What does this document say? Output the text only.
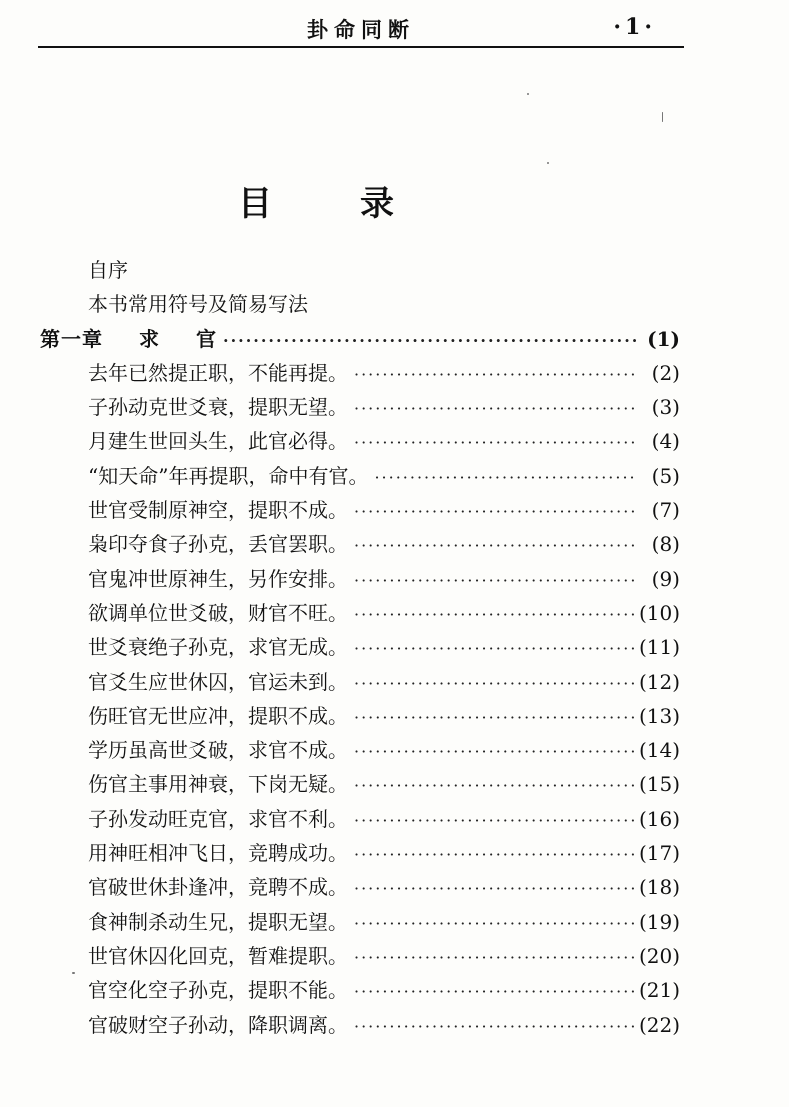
卦命同断	·1·
目录
自序
本书常用符号及简易写法
第一章 求 官 ·····	(1)
去年已然提正职，不能再提。 ·····	(2)
子孙动克世爻衰，提职无望。 ·····	(3)
月建生世回头生，此官必得。 ·····	(4)
“知天命”年再提职，命中有官。 ·····	(5)
世官受制原神空，提职不成。 ·····	(7)
枭印夺食子孙克，丢官罢职。 ·····	(8)
官鬼冲世原神生，另作安排。 ·····	(9)
欲调单位世爻破，财官不旺。 ·····	(10)
世爻衰绝子孙克，求官无成。 ·····	(11)
官爻生应世休囚，官运未到。 ·····	(12)
伤旺官无世应冲，提职不成。 ·····	(13)
学历虽高世爻破，求官不成。 ·····	(14)
伤官主事用神衰，下岗无疑。 ·····	(15)
子孙发动旺克官，求官不利。 ·····	(16)
用神旺相冲飞日，竞聘成功。 ·····	(17)
官破世休卦逢冲，竞聘不成。 ·····	(18)
食神制杀动生兄，提职无望。 ·····	(19)
世官休囚化回克，暂难提职。 ·····	(20)
官空化空子孙克，提职不能。 ·····	(21)
官破财空子孙动，降职调离。 ·····	(22)
